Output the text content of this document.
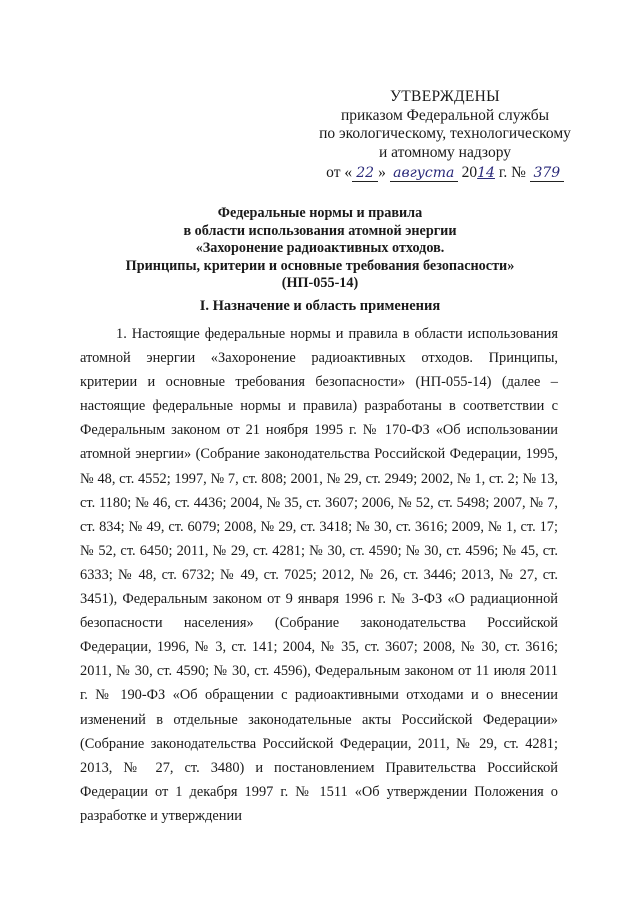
УТВЕРЖДЕНЫ
приказом Федеральной службы
по экологическому, технологическому
и атомному надзору
от « 22 » августа 2014 г. № 379
Федеральные нормы и правила
в области использования атомной энергии
«Захоронение радиоактивных отходов.
Принципы, критерии и основные требования безопасности»
(НП-055-14)
I. Назначение и область применения

1. Настоящие федеральные нормы и правила в области использования атомной энергии «Захоронение радиоактивных отходов. Принципы, критерии и основные требования безопасности» (НП-055-14) (далее – настоящие федеральные нормы и правила) разработаны в соответствии с Федеральным законом от 21 ноября 1995 г. № 170-ФЗ «Об использовании атомной энергии» (Собрание законодательства Российской Федерации, 1995, № 48, ст. 4552; 1997, № 7, ст. 808; 2001, № 29, ст. 2949; 2002, № 1, ст. 2; № 13, ст. 1180; № 46, ст. 4436; 2004, № 35, ст. 3607; 2006, № 52, ст. 5498; 2007, № 7, ст. 834; № 49, ст. 6079; 2008, № 29, ст. 3418; № 30, ст. 3616; 2009, № 1, ст. 17; № 52, ст. 6450; 2011, № 29, ст. 4281; № 30, ст. 4590; № 30, ст. 4596; № 45, ст. 6333; № 48, ст. 6732; № 49, ст. 7025; 2012, № 26, ст. 3446; 2013, № 27, ст. 3451), Федеральным законом от 9 января 1996 г. № 3-ФЗ «О радиационной безопасности населения» (Собрание законодательства Российской Федерации, 1996, № 3, ст. 141; 2004, № 35, ст. 3607; 2008, № 30, ст. 3616; 2011, № 30, ст. 4590; № 30, ст. 4596), Федеральным законом от 11 июля 2011 г. № 190-ФЗ «Об обращении с радиоактивными отходами и о внесении изменений в отдельные законодательные акты Российской Федерации» (Собрание законодательства Российской Федерации, 2011, № 29, ст. 4281; 2013, № 27, ст. 3480) и постановлением Правительства Российской Федерации от 1 декабря 1997 г. № 1511 «Об утверждении Положения о разработке и утверждении
